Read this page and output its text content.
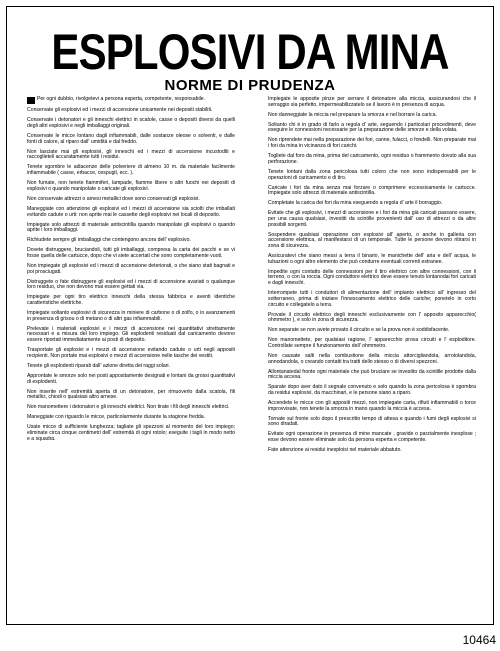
ESPLOSIVI DA MINA
NORME DI PRUDENZA

Per ogni dubbio, rivolgetevi a persona esperta, competente, responsabile.

Conservate gli esplosivi ed i mezzi di accensione unicamente nei depositi stabiliti.

Conservate i detonatori e gli inneschi elettrici in scatole, casse o depositi diversi da quelli degli altri esplosivi e negli imballaggi originali.

Conservate le micce lontano dagli infiammabili, dalle sostanze oleose o solventi, e dalle fonti di calore, al riparo dall' umidità e dal freddo.

Non lasciate mai gli esplosivi, gli inneschi ed i mezzi di accensione incustoditi e raccoglieteli accuratamente tutti i residui.

Tenete sgombre le adiacenze delle polveriere di almeno 10 m. da materiale facilmente infiammabile ( casse, erbacce, cespugli, ecc. ).

Non fumate, non tenete fiammiferi, lampade, fiamme libere o altri fuochi nei depositi di esplosivi o quando manipolate o caricate gli esplosivi.

Non conservate attrezzi o arnesi metallici dove sono conservati gli esplosivi.

Maneggiate con attenzione gli esplosivi ed i mezzi di accensione sia sciolti che imballati evitando cadute o urti: non aprite mai le cassette degli esplosivi nei locali di deposito.

Impiegate solo attrezzi di materiale antiscintilla quando manipolate gli esplosivi o quando aprite i loro imballaggi.

Richiudete sempre gli imballaggi che contengono ancora dell' esplosivo.

Dovete distruggere, bruciandoli, tutti gli imballaggi, compresa la carta dei pacchi e se vi fosse quella delle cartucce, dopo che vi siete accertati che sono completamente vuoti.

Non impiegate gli esplosivi ed i mezzi di accensione deteriorati, o che siano stati bagnati e poi prosciugati.

Distruggete o fate distruggere gli esplosivi ed i mezzi di accensione avariati o qualunque loro residuo, che non devono mai essere gettati via.

Impiegate per ogni tiro elettrico inneschi della stessa fabbrica e aventi identiche caratteristiche elettriche.

Impiegate soltanto esplosivi di sicurezza in miniere di carbone o di zolfo, o in avanzamenti in presenza di grisou o di metano o di altri gas infiammabili.

Prelevate i materiali esplosivi e i mezzi di accensione nei quantitativi strettamente necessari e a misura del loro impiego. Gli esplodenti residuati dal caricamento devono essere riportati immediatamente ai posti di deposito.

Trasportate gli esplosivi e i mezzi di accensione evitando cadute o urti negli appositi recipienti. Non portate mai esplosivi o mezzi di accensione nelle tasche dei vestiti.

Tenete gli esplodenti riparati dall' azione diretta dei raggi solari.

Approntate le smorze solo nei posti appositamente designati e lontani da grossi quantitativi di esplodenti.

Non inserite nell' estremità aperta di un detonatore, per rimuoverlo dalla scatola, fili metallici, chiodi o qualsiasi altro arnese.

Non manomettere i detonatori e gli inneschi elettrici. Non tirate i fili degli inneschi elettrici.

Maneggiate con riguardo le micce, particolarmente durante la stagione fredda.

Usate micce di sufficiente lunghezza; tagliate gli spezzoni al momento del loro impiego; eliminate circa cinque centimetri dell' estremità di ogni rotolo; eseguite i tagli in modo netto e a squadra.

Impiegate le apposite pinze per serrare il detonatore alla miccia, assicurandosi che il serraggio sia perfetto, impermeabilizzatelo se il lavoro è in presenza di acqua.

Non danneggiate la miccia nel preparare la smorza e nel borrare la carica.

Soltanto chi è in grado di farlo a regola d' arte, seguendo i particolari procedimenti, deve eseguire le connessioni necessarie per la preparazione delle smorze e della volata.

Non riprendete mai nella preparazione dei fori, canne, fulacci, o fondelli. Non preparate mai i fori da mina in vicinanza di fori carichi.

Togliete dal foro da mina, prima del caricamento, ogni residuo o frammento dovuto alla sua perforazione.

Tenete lontani dalla zona pericolosa tutti coloro che non sono indispensabili per le operazioni di caricamento e di tiro.

Caricate i fori da mina senza mai forzare o comprimere eccessivamente le cartucce. Impiegate solo attrezzi di materiale antiscintilla.

Completate la carica dei fori da mina eseguendo a regola d' arte il borraggio.

Evitate che gli esplosivi, i mezzi di accensione e i fori da mina già caricati passano essere, per una causa qualsiasi, investiti da scintille provenienti dall' uso di attrezzi o da altre possibili sorgenti.

Sospendere qualsiasi operazione con esplosivi all' aperto, o anche in galleria con accensione elettrica, al manifestarsi di un temporale. Tutte le persone devono ritirarsi in zona di sicurezza.

Assicuratevi che siano messi a terra il binario, le manichette dell' aria e dell' acqua, le tubazioni o ogni altro elemento che può condurre eventuali correnti estranee.

Impedite ogni contatto delle connessioni per il tiro elettrico con altre connessioni, con il terreno, o con la roccia. Ogni conduttore elettrico deve essere tenuto lontanodai fori caricati e dagli inneschi.

Interrompete tutti i conduttori di alimentazione dell' impianto elettrico all' ingresso del sotterraneo, prima di iniziare l'innescamento elettrico delle cariche; ponetelo in corto circuito e collegatelo a terra.

Provate il circuito elettrico degli inneschi esclusivamente con l' apposito apparecchio( ohmmetro ), e solo in zona di sicurezza.

Non separate se non avete provato il circuito e se la prova non è soddisfacente.

Non manomettete, per qualsiasi ragione, l' apparecchio prova circuiti e l' esploditore. Controllate sempre il funzionamento dell' ohmmetro.

Non causate salti nella combustione della miccia attorcigliandola, arrotolandola, annodandola, o creando contatti tra tratti dello stesso o di diversi spezzoni.

Allontanatedal fronte ogni materiale che può bruciare se investito da scintille prodotte dalla miccia accesa.

Sparate dopo aver dato il segnale convenuto e solo quando la zona pericolosa è sgombra da residui esplosivi, da macchinari, e le persone siano a riparo.

Accendete le micce con gli appositi mezzi, non impiegate carta, rifiuti infiammabili o torce improvvisate, non tenete la smorza in mano quando la miccia è accesa.

Tornate sul fronte solo dopo il prescritto tempo di attesa e quando i fumi degli esplosivi si sono diradati.

Evitate ogni operazione in presenza di mine mancate , gravide o parzialmente inesplose ; esse devono essere eliminate solo da persona esperta e competente.

Fate attenzione ai residui inesploisi nel materiale abbatuto.

10464
